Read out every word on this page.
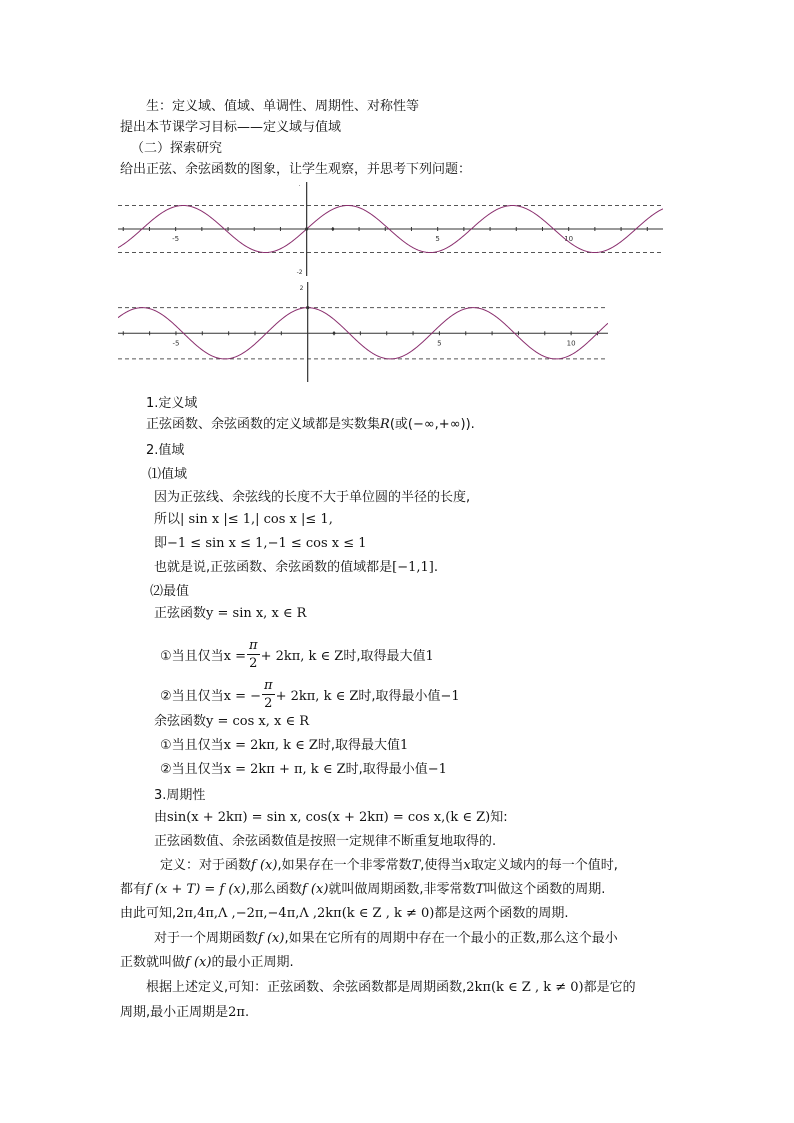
生：定义域、值域、单调性、周期性、对称性等
提出本节课学习目标——定义域与值域
（二）探索研究
给出正弦、余弦函数的图象，让学生观察，并思考下列问题：
-5	5	10
·
-2
-5	5	10
2
1.定义域
正弦函数、余弦函数的定义域都是实数集R(或(−∞,+∞)).
2.值域
⑴值域
因为正弦线、余弦线的长度不大于单位圆的半径的长度,
所以| sin x |≤ 1,| cos x |≤ 1,
即−1 ≤ sin x ≤ 1,−1 ≤ cos x ≤ 1
也就是说,正弦函数、余弦函数的值域都是[−1,1].
⑵最值
正弦函数y = sin x, x ∈ R
①当且仅当$x = \frac{\pi}{2} + 2k\pi$, k ∈ Z时,取得最大值1
②当且仅当x = − $\frac{\pi}{2} + 2k\pi$, k ∈ Z时,取得最小值−1
余弦函数y = cos x, x ∈ R
①当且仅当x = 2kπ, k ∈ Z时,取得最大值1
②当且仅当x = 2kπ + π, k ∈ Z时,取得最小值−1
3.周期性
由sin(x + 2kπ) = sin x, cos(x + 2kπ) = cos x,(k ∈ Z)知:
正弦函数值、余弦函数值是按照一定规律不断重复地取得的.
定义：对于函数f (x),如果存在一个非零常数T,使得当x取定义域内的每一个值时,
都有f (x + T) = f (x),那么函数f (x)就叫做周期函数,非零常数T叫做这个函数的周期.
由此可知,2π,4π,Λ ,−2π,−4π,Λ ,2kπ(k ∈ Z , k ≠ 0)都是这两个函数的周期.
对于一个周期函数f (x),如果在它所有的周期中存在一个最小的正数,那么这个最小
正数就叫做f (x)的最小正周期.
根据上述定义,可知：正弦函数、余弦函数都是周期函数,2kπ(k ∈ Z , k ≠ 0)都是它的
周期,最小正周期是2π.
